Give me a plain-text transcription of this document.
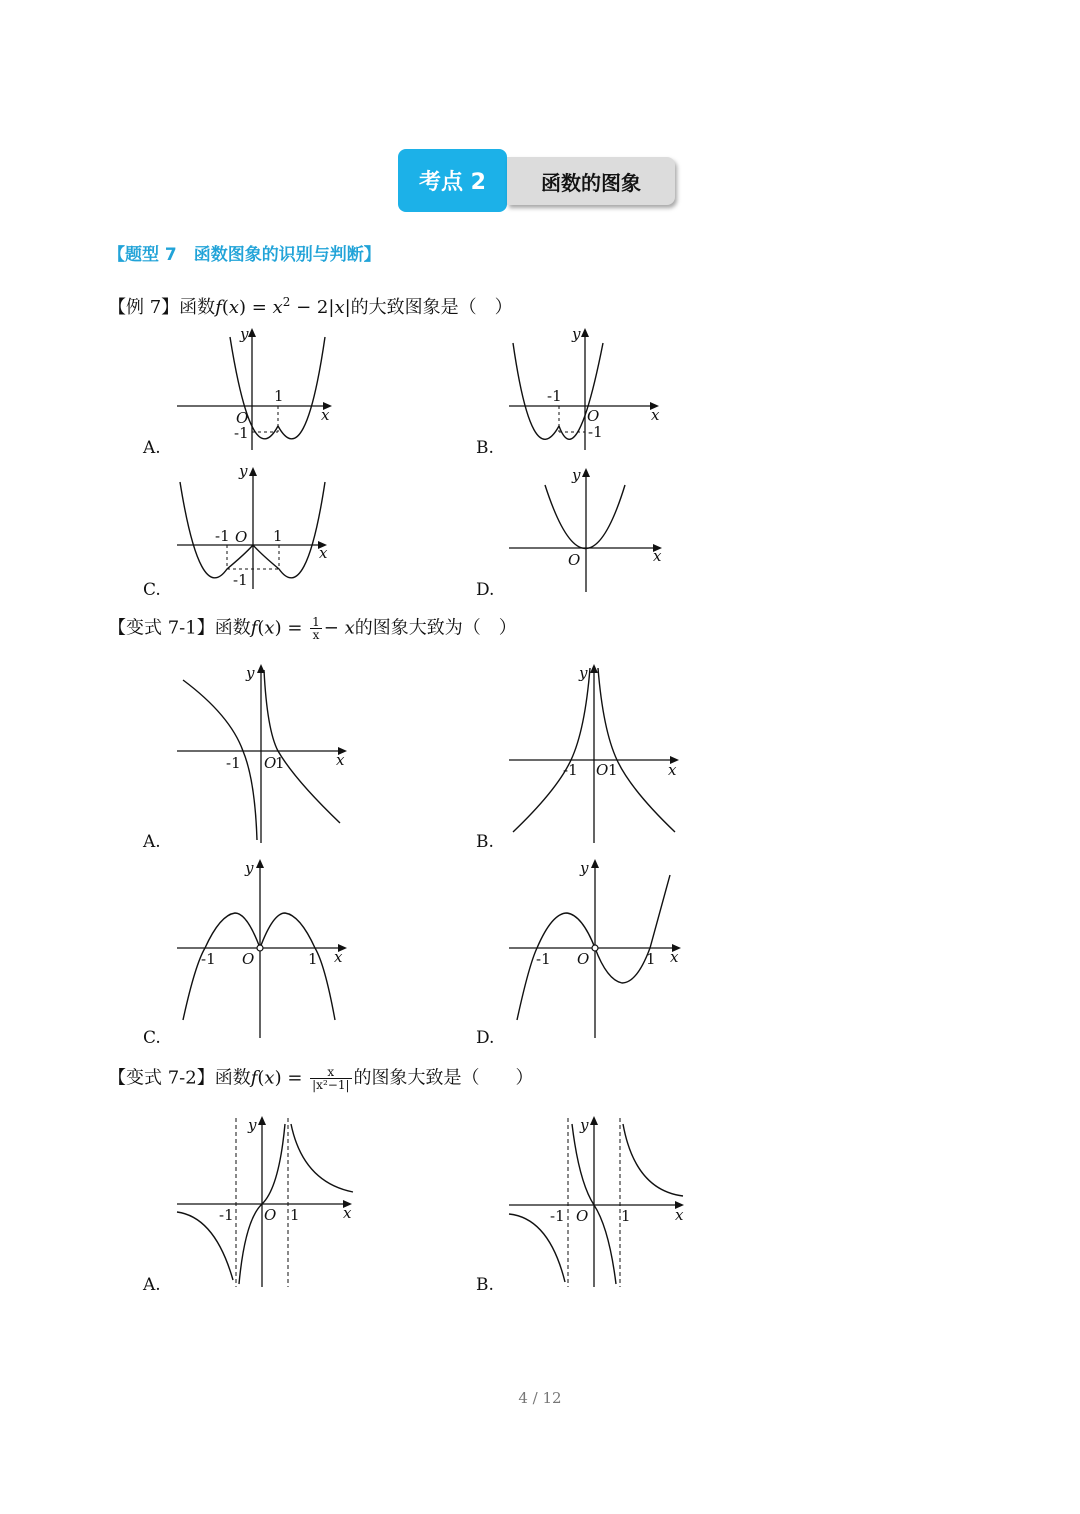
考点 2	函数的图象
【题型 7　函数图象的识别与判断】
【例 7】函数$f(x) = x^2 - 2|x|$的大致图象是（　）
y
x
O
1
-1
A.
y
x
O
-1
-1
B.
y
x
O
-1	1
-1
C.
y
x
O
D.
【变式 7-1】函数$f(x) = \frac{1}{x} - x$的图象大致为（　）
y
x
-1 O
1
A.
y
x
-1 O 1
B.
y
x
-1 O	1
C.
y
x
-1 O	1
D.
【变式 7-2】函数$f(x) = \frac{x}{\text{|x²−1|}}$ 的图象大致是（　　）
y
x
-1 O 1
A.
y
x
-1 O 1
B.
4 / 12
